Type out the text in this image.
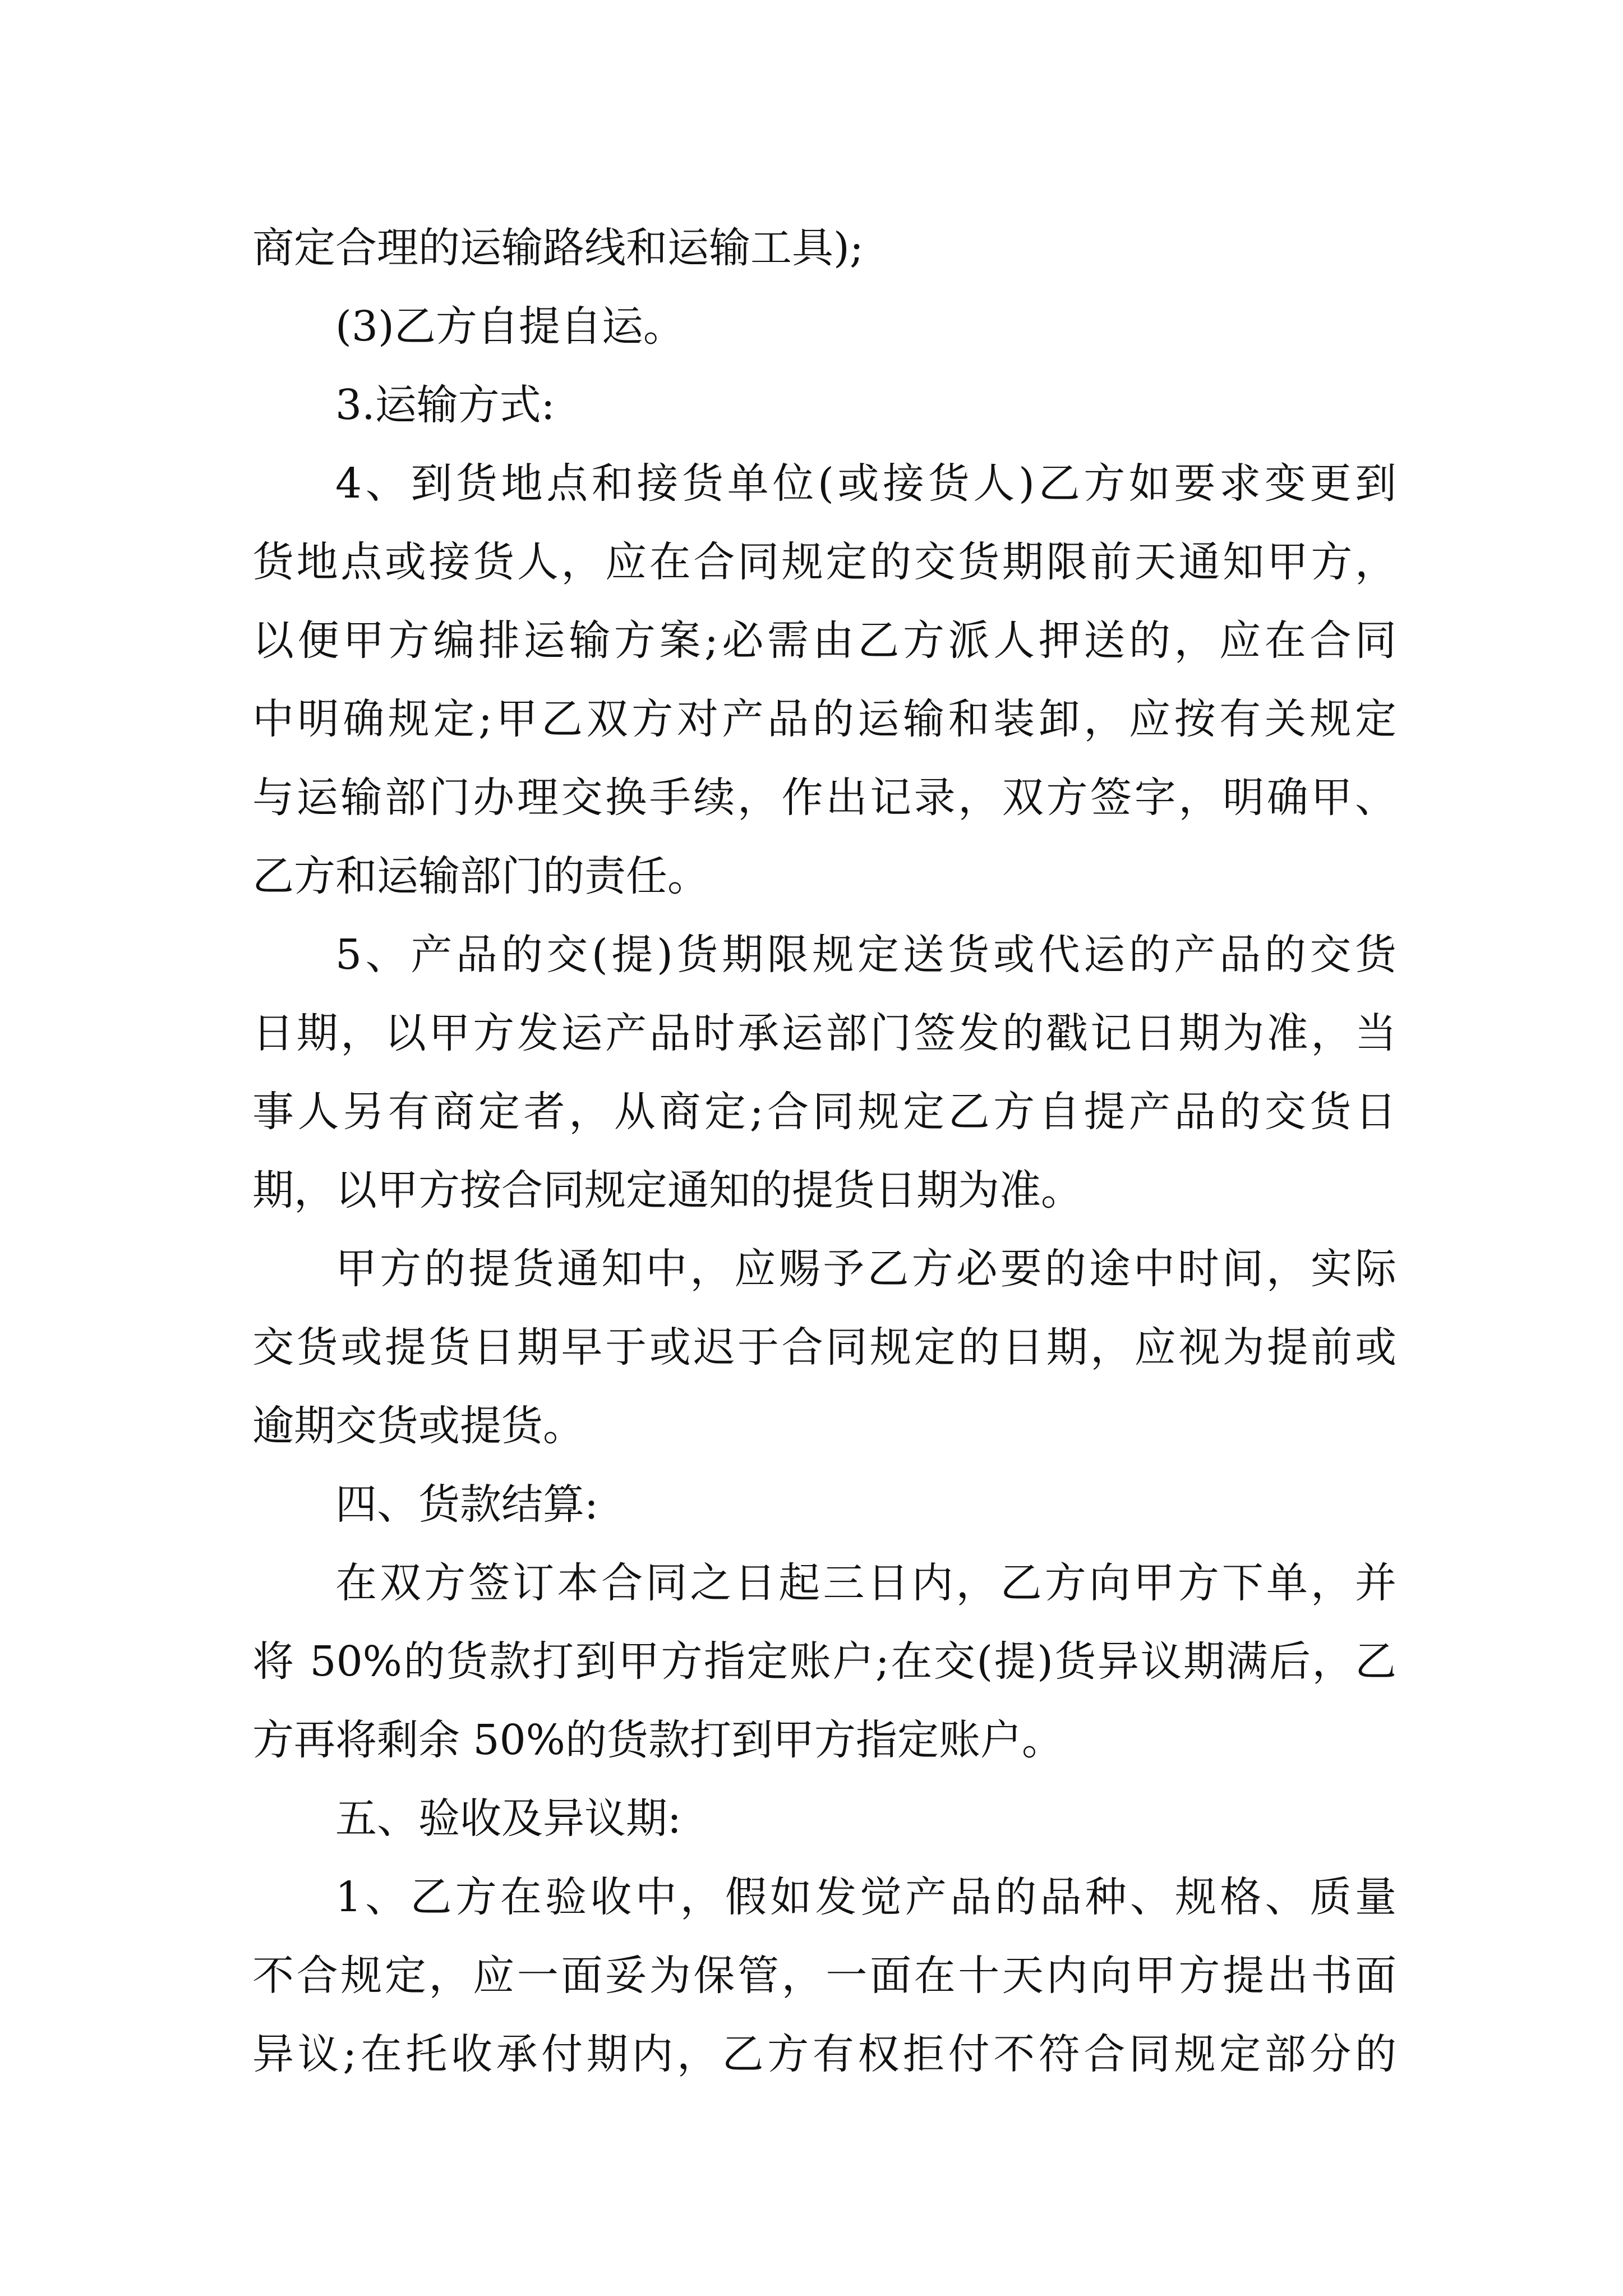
商定合理的运输路线和运输工具);
(3)乙方自提自运。
3.运输方式:
4、到货地点和接货单位(或接货人)乙方如要求变更到
货地点或接货人，应在合同规定的交货期限前天通知甲方，
以便甲方编排运输方案;必需由乙方派人押送的，应在合同
中明确规定;甲乙双方对产品的运输和装卸，应按有关规定
与运输部门办理交换手续，作出记录，双方签字，明确甲、
乙方和运输部门的责任。
5、产品的交(提)货期限规定送货或代运的产品的交货
日期，以甲方发运产品时承运部门签发的戳记日期为准，当
事人另有商定者，从商定;合同规定乙方自提产品的交货日
期，以甲方按合同规定通知的提货日期为准。
甲方的提货通知中，应赐予乙方必要的途中时间，实际
交货或提货日期早于或迟于合同规定的日期，应视为提前或
逾期交货或提货。
四、货款结算:
在双方签订本合同之日起三日内，乙方向甲方下单，并
将 50%的货款打到甲方指定账户;在交(提)货异议期满后，乙
方再将剩余 50%的货款打到甲方指定账户。
五、验收及异议期:
1、乙方在验收中，假如发觉产品的品种、规格、质量
不合规定，应一面妥为保管，一面在十天内向甲方提出书面
异议;在托收承付期内，乙方有权拒付不符合同规定部分的
